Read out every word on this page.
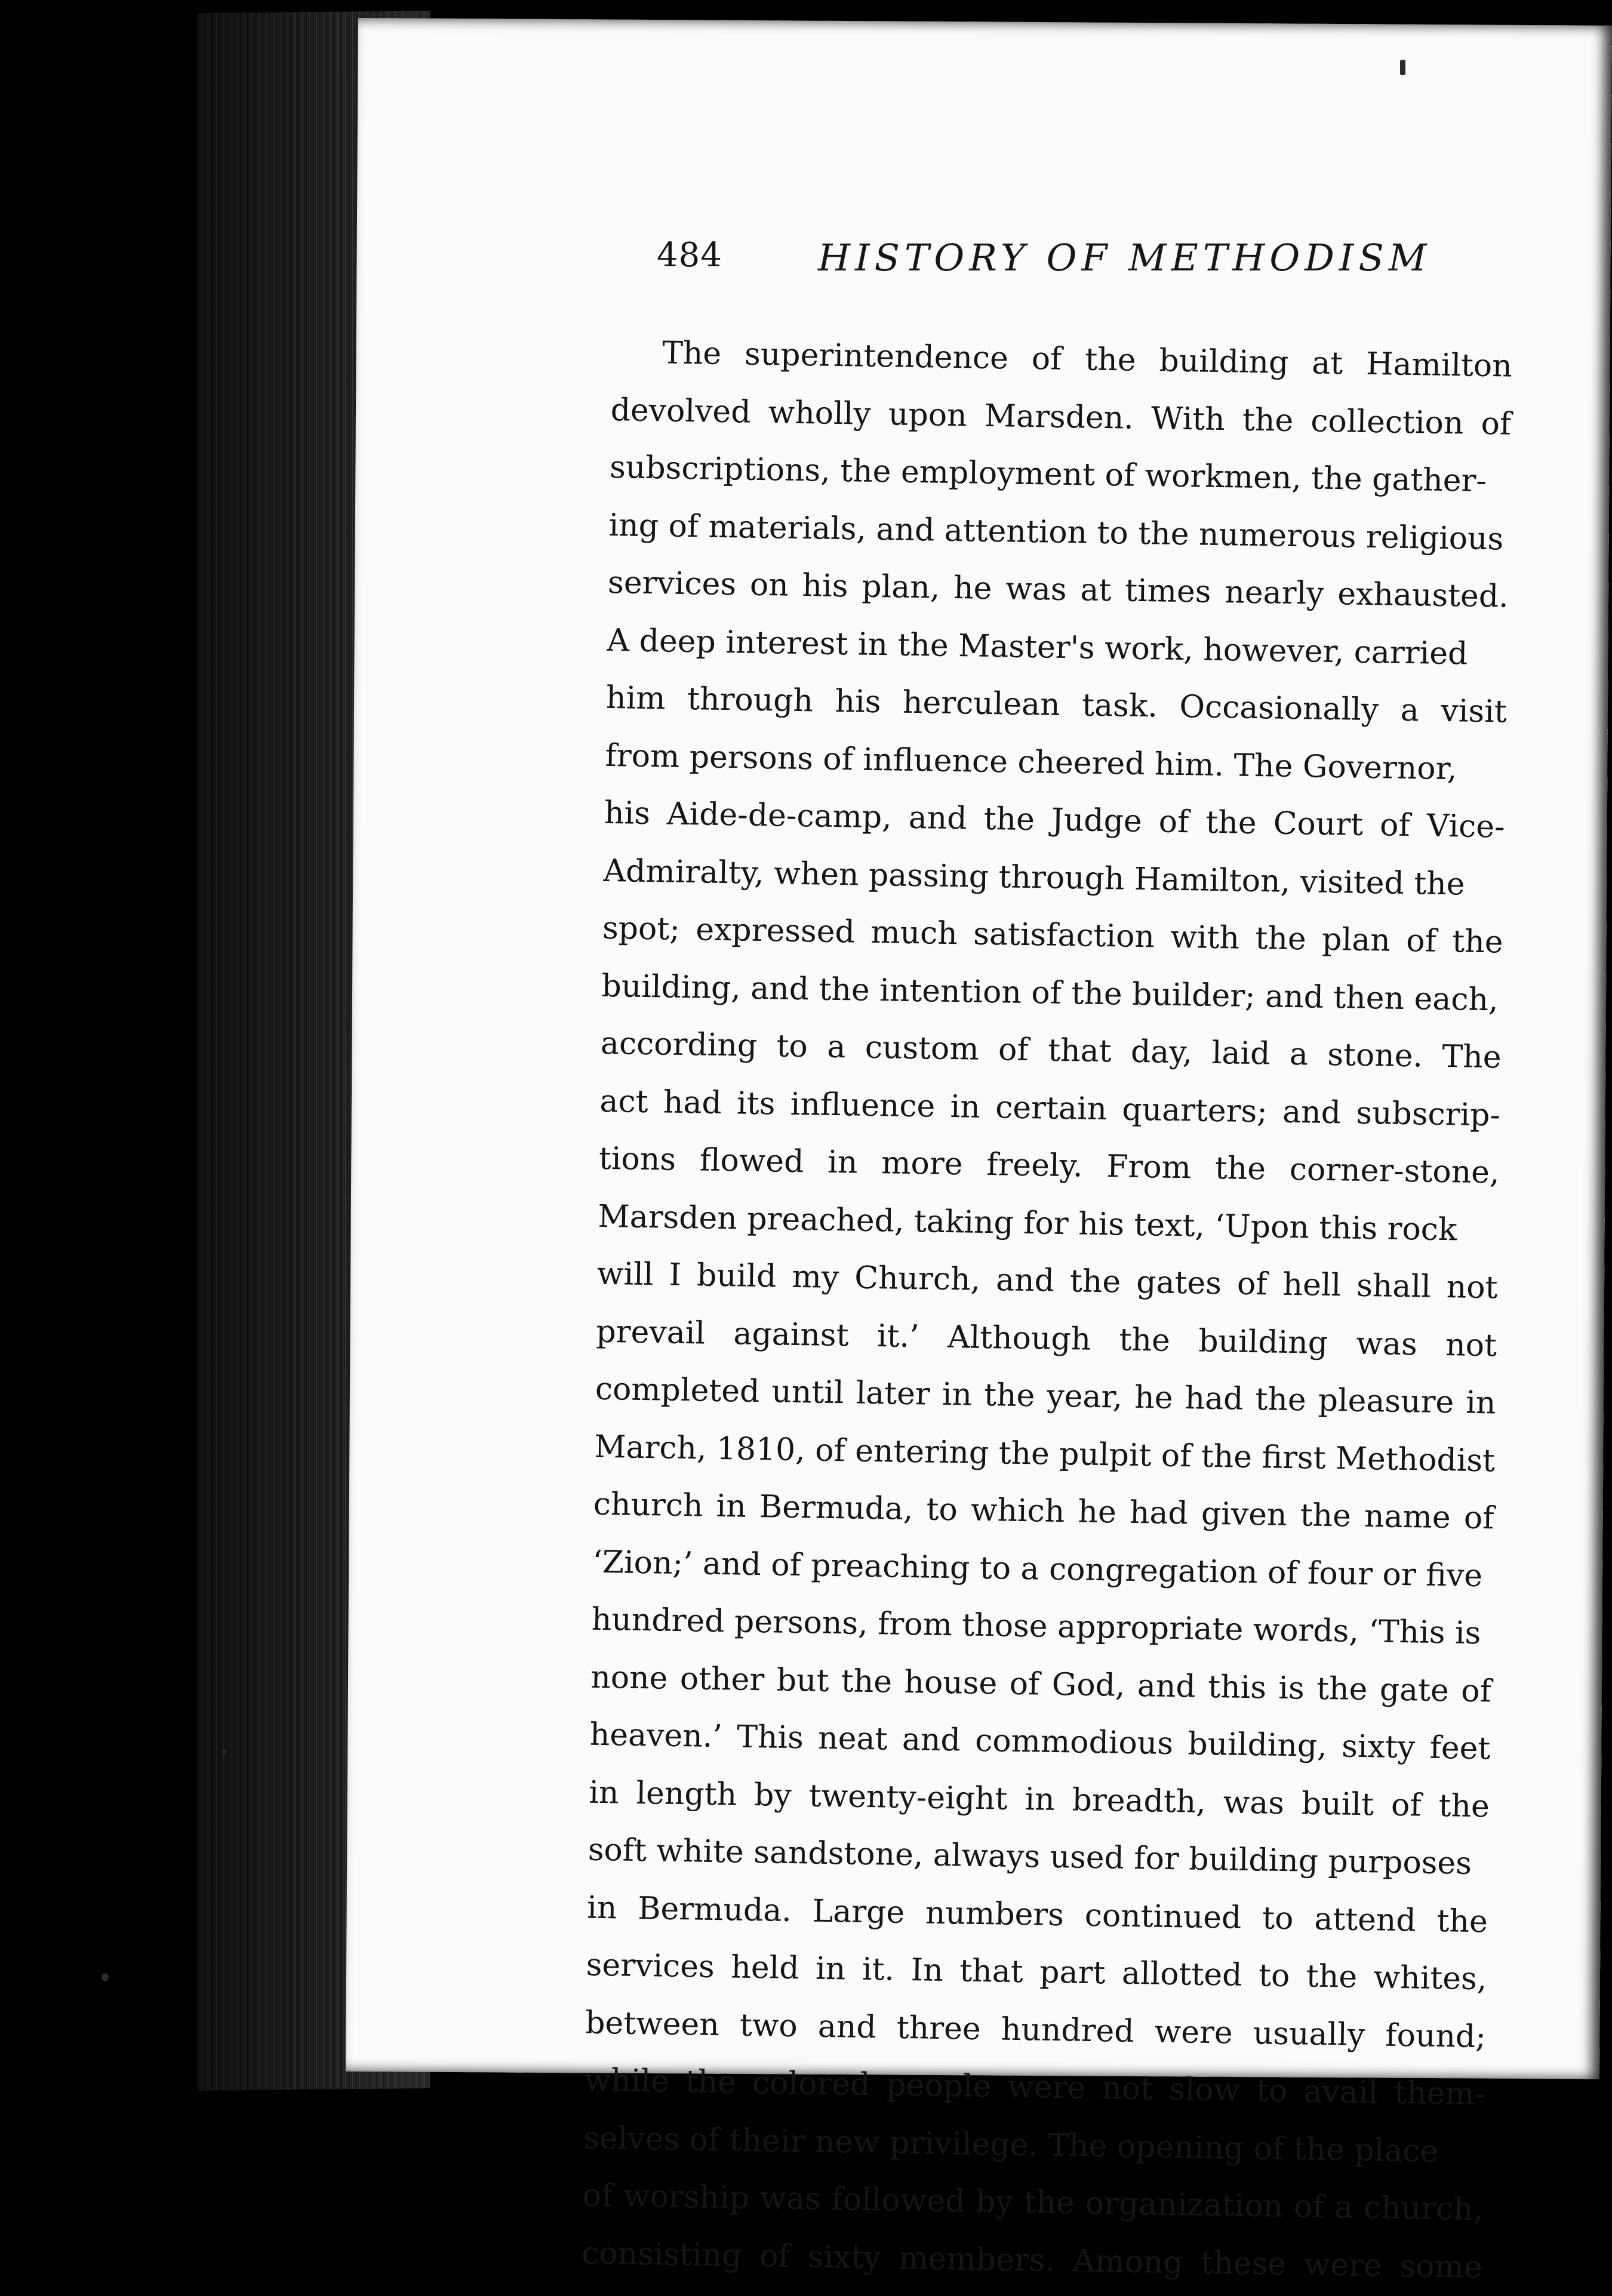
484	HISTORY OF METHODISM
The superintendence of the building at Hamilton
devolved wholly upon Marsden. With the collection of
subscriptions, the employment of workmen, the gather-
ing of materials, and attention to the numerous religious
services on his plan, he was at times nearly exhausted.
A deep interest in the Master's work, however, carried
him through his herculean task. Occasionally a visit
from persons of influence cheered him. The Governor,
his Aide-de-camp, and the Judge of the Court of Vice-
Admiralty, when passing through Hamilton, visited the
spot; expressed much satisfaction with the plan of the
building, and the intention of the builder; and then each,
according to a custom of that day, laid a stone. The
act had its influence in certain quarters; and subscrip-
tions flowed in more freely. From the corner-stone,
Marsden preached, taking for his text, ‘Upon this rock
will I build my Church, and the gates of hell shall not
prevail against it.’ Although the building was not
completed until later in the year, he had the pleasure in
March, 1810, of entering the pulpit of the first Methodist
church in Bermuda, to which he had given the name of
‘Zion;’ and of preaching to a congregation of four or five
hundred persons, from those appropriate words, ‘This is
none other but the house of God, and this is the gate of
heaven.’ This neat and commodious building, sixty feet
in length by twenty-eight in breadth, was built of the
soft white sandstone, always used for building purposes
in Bermuda. Large numbers continued to attend the
services held in it. In that part allotted to the whites,
between two and three hundred were usually found;
while the colored people were not slow to avail them-
selves of their new privilege. The opening of the place
of worship was followed by the organization of a church,
consisting of sixty members. Among these were some
